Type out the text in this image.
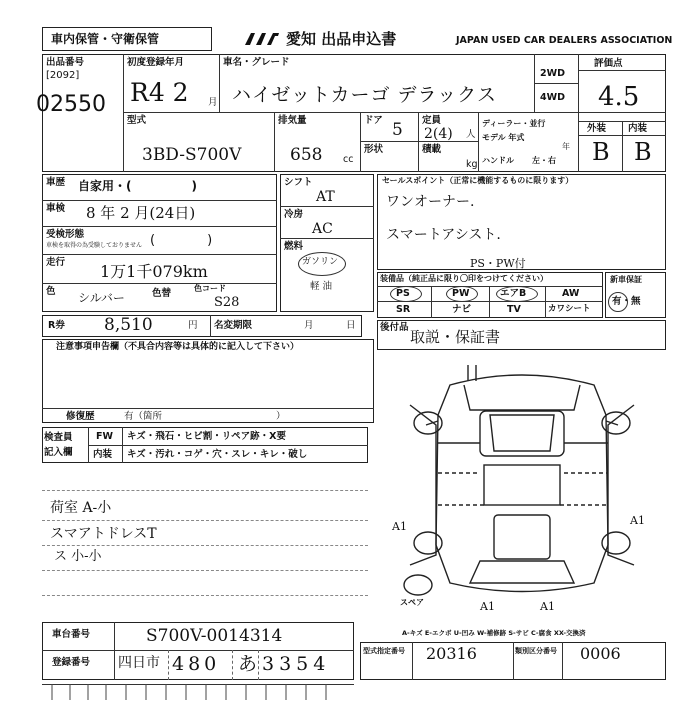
車内保管・守衛保管	愛知 出品申込書	JAPAN USED CAR DEALERS ASSOCIATION
出品番号
[2092]
02550
初度登録年月
R4 2 月
車名・グレード
ハイゼットカーゴ デラックス
2WD
4WD
評価点
4.5
外装 内装
B B
型式
3BD-S700V
排気量
658 cc
ドア 5
形状
定員
2(4) 人
積載
kg
ディーラー・並行
モデル 年式
年
ハンドル 左・右
車歴 自家用・(　　　　　)
車検 8 年 2 月(24日)
受検形態
車検を取得の為受験しておりません (　　　　)
走行 1万1千079km
色 シルバー	色替	色コード
S28
R券 8,510	円 名変期限	月	日
シフト
AT
冷房
AC
燃料
ガソリン
軽 油
セールスポイント（正常に機能するものに限ります）
ワンオーナー.
スマートアシスト.
装備品（純正品に限り〇印をつけてください）
PS・PW付
PS	PW	エアB	AW
SR	ナビ	TV	カワシート
新車保証
有・無
後付品
取説・保証書
注意事項申告欄（不具合内容等は具体的に記入して下さい）
修復歴	有（箇所　　　　　　　　　　　　）
検査員
記入欄
FW キズ・飛石・ヒビ割・リペア跡・X要
内装 キズ・汚れ・コゲ・穴・スレ・キレ・破し
荷室 A-小
スマアトドレスT
ス 小-小
A1
A1	A1
A1
スペア
A-キズ E-エクボ U-凹み W-補修跡 S-サビ C-腐食 XX-交換済
車台番号	S700V-0014314
登録番号 四日市 480 あ 3354
型式指定番号 20316	類別区分番号 0006
